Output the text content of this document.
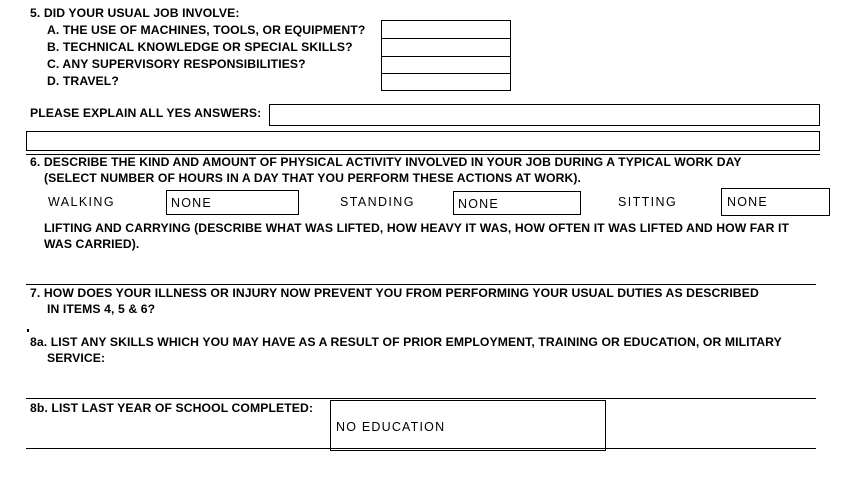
5. DID YOUR USUAL JOB INVOLVE:
A. THE USE OF MACHINES, TOOLS, OR EQUIPMENT?
B. TECHNICAL KNOWLEDGE OR SPECIAL SKILLS?
C. ANY SUPERVISORY RESPONSIBILITIES?
D. TRAVEL?
PLEASE EXPLAIN ALL YES ANSWERS:
6. DESCRIBE THE KIND AND AMOUNT OF PHYSICAL ACTIVITY INVOLVED IN YOUR JOB DURING A TYPICAL WORK DAY
(SELECT NUMBER OF HOURS IN A DAY THAT YOU PERFORM THESE ACTIONS AT WORK).
WALKING	NONE	STANDING	NONE	SITTING	NONE
LIFTING AND CARRYING (DESCRIBE WHAT WAS LIFTED, HOW HEAVY IT WAS, HOW OFTEN IT WAS LIFTED AND HOW FAR IT
WAS CARRIED).
7. HOW DOES YOUR ILLNESS OR INJURY NOW PREVENT YOU FROM PERFORMING YOUR USUAL DUTIES AS DESCRIBED
IN ITEMS 4, 5 & 6?
8a. LIST ANY SKILLS WHICH YOU MAY HAVE AS A RESULT OF PRIOR EMPLOYMENT, TRAINING OR EDUCATION, OR MILITARY
SERVICE:
8b. LIST LAST YEAR OF SCHOOL COMPLETED:
NO EDUCATION
